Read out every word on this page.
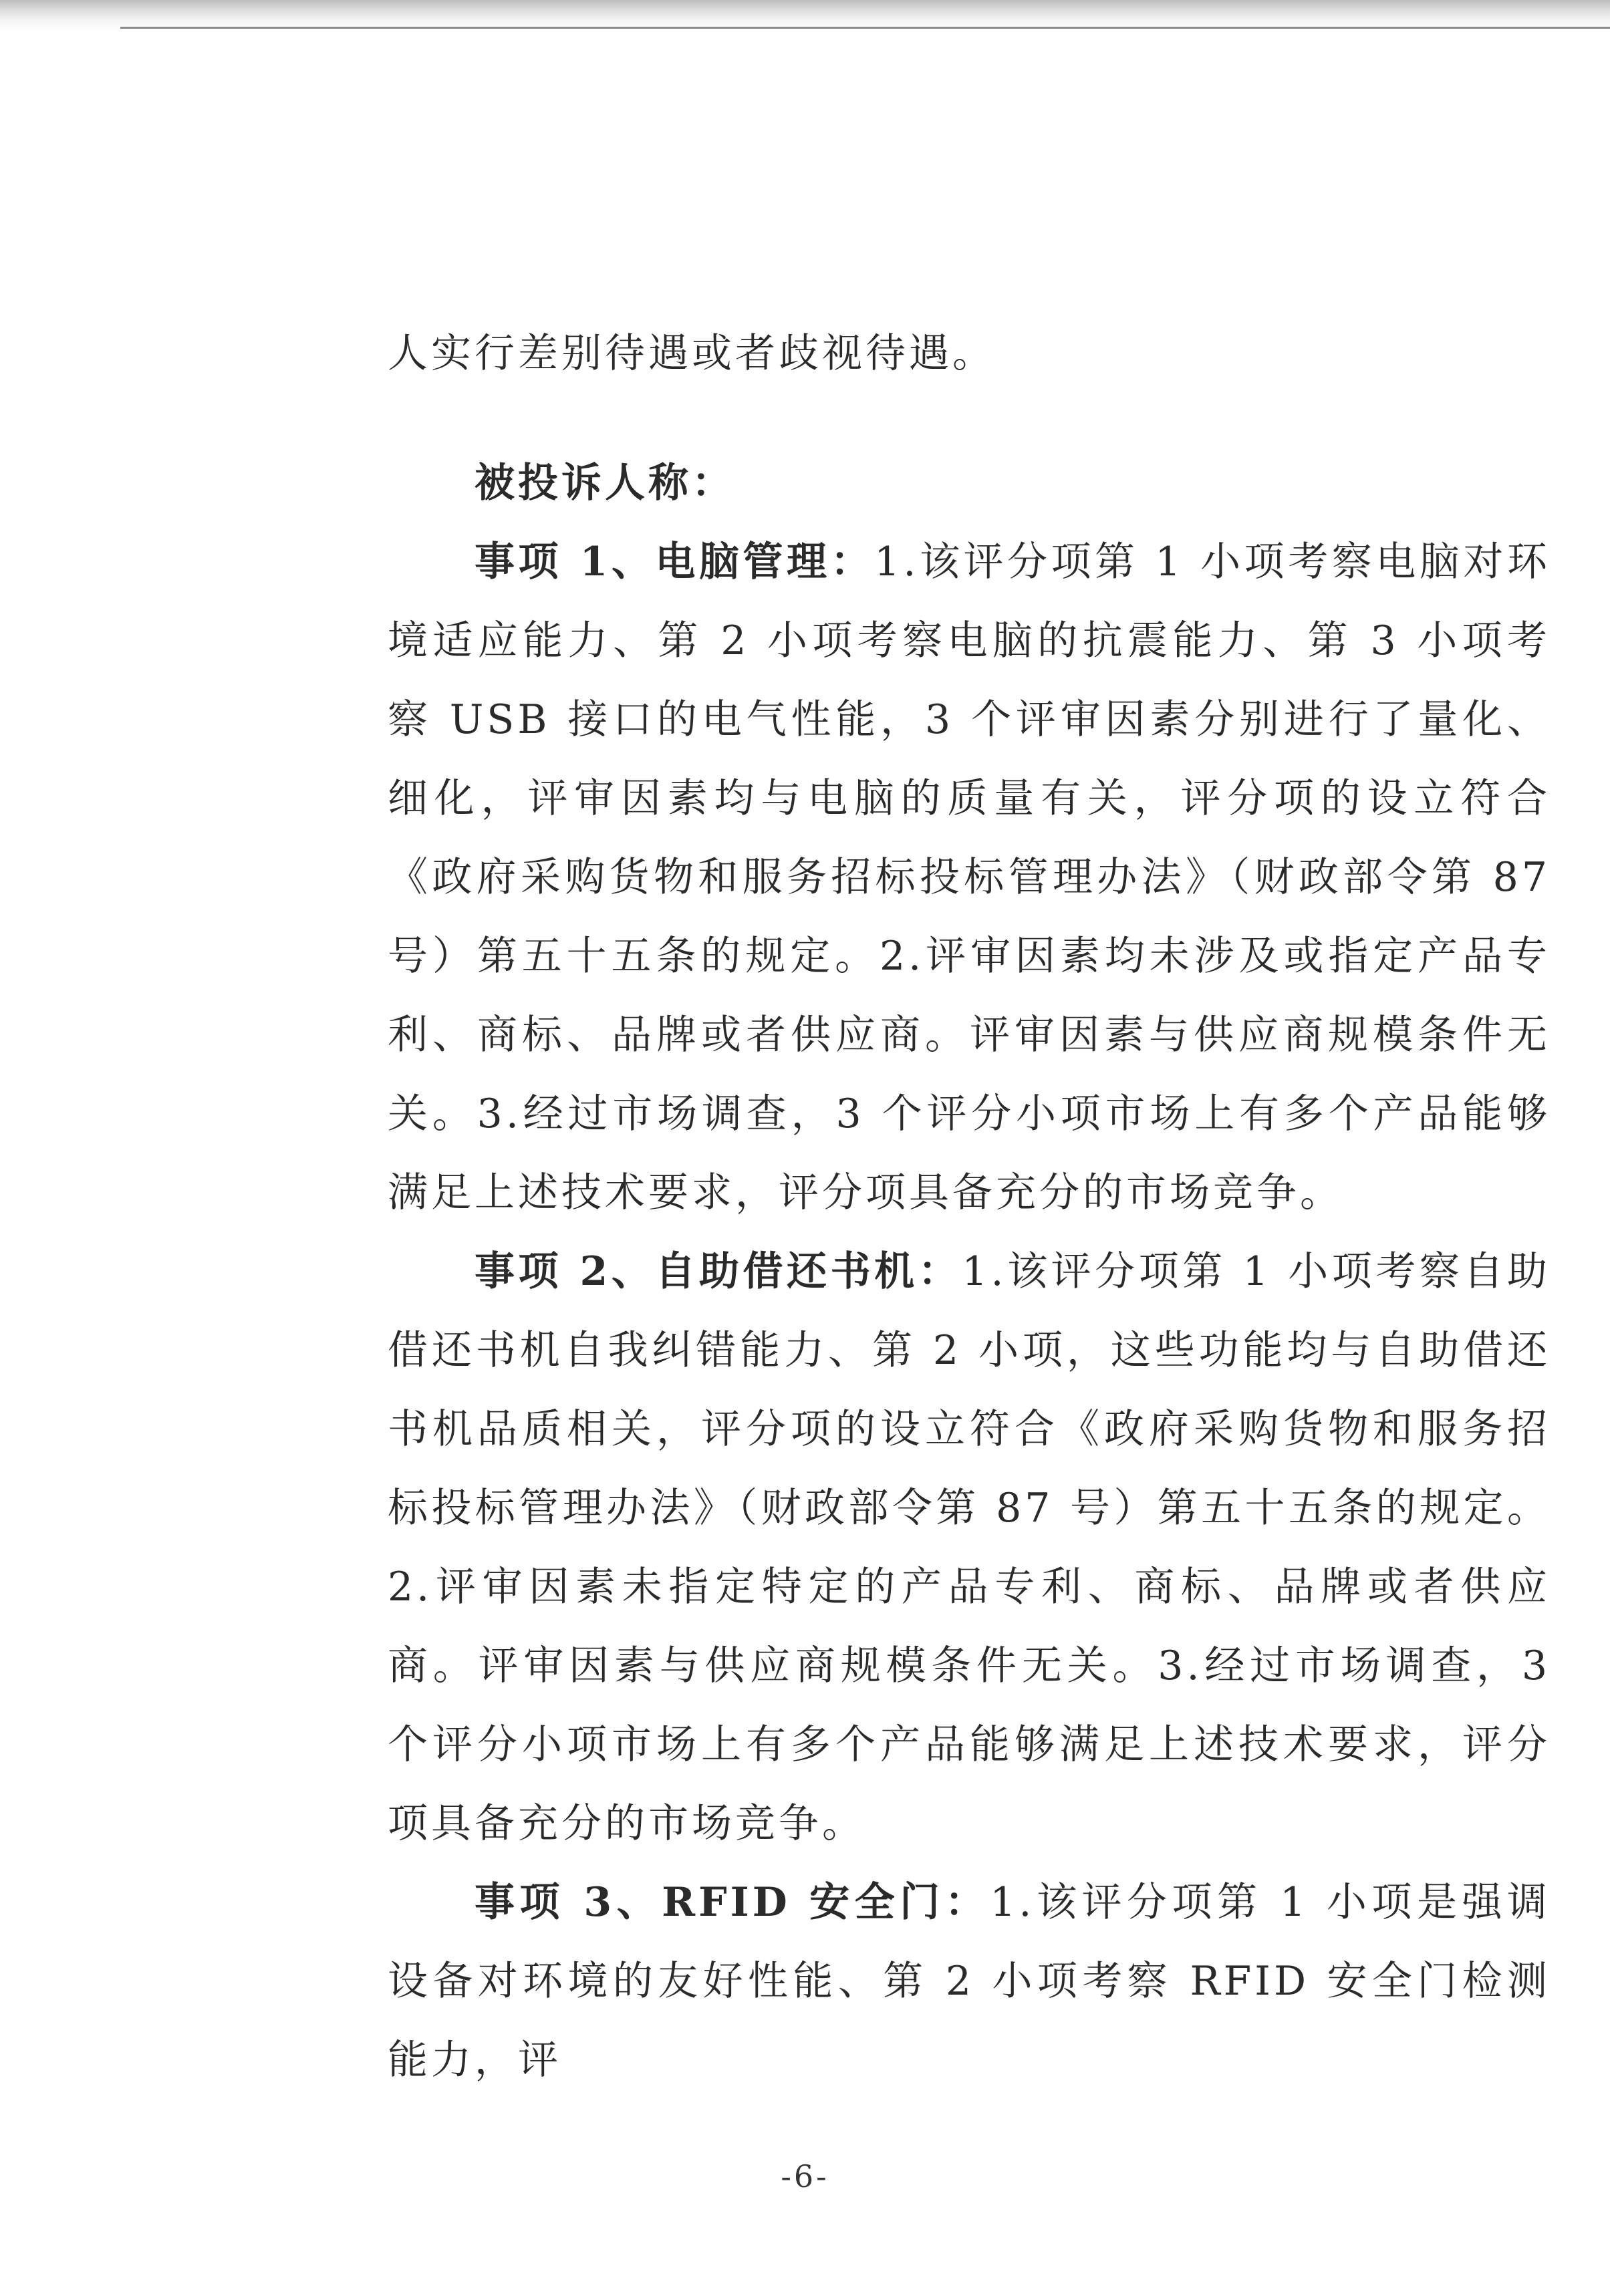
人实行差别待遇或者歧视待遇。

被投诉人称：

事项 1、电脑管理：1.该评分项第 1 小项考察电脑对环境适应能力、第 2 小项考察电脑的抗震能力、第 3 小项考察 USB 接口的电气性能，3 个评审因素分别进行了量化、细化，评审因素均与电脑的质量有关，评分项的设立符合《政府采购货物和服务招标投标管理办法》（财政部令第 87 号）第五十五条的规定。2.评审因素均未涉及或指定产品专利、商标、品牌或者供应商。评审因素与供应商规模条件无关。3.经过市场调查，3 个评分小项市场上有多个产品能够满足上述技术要求，评分项具备充分的市场竞争。

事项 2、自助借还书机：1.该评分项第 1 小项考察自助借还书机自我纠错能力、第 2 小项，这些功能均与自助借还书机品质相关，评分项的设立符合《政府采购货物和服务招标投标管理办法》（财政部令第 87 号）第五十五条的规定。2.评审因素未指定特定的产品专利、商标、品牌或者供应商。评审因素与供应商规模条件无关。3.经过市场调查，3 个评分小项市场上有多个产品能够满足上述技术要求，评分项具备充分的市场竞争。

事项 3、RFID 安全门：1.该评分项第 1 小项是强调设备对环境的友好性能、第 2 小项考察 RFID 安全门检测能力，评

-6-
